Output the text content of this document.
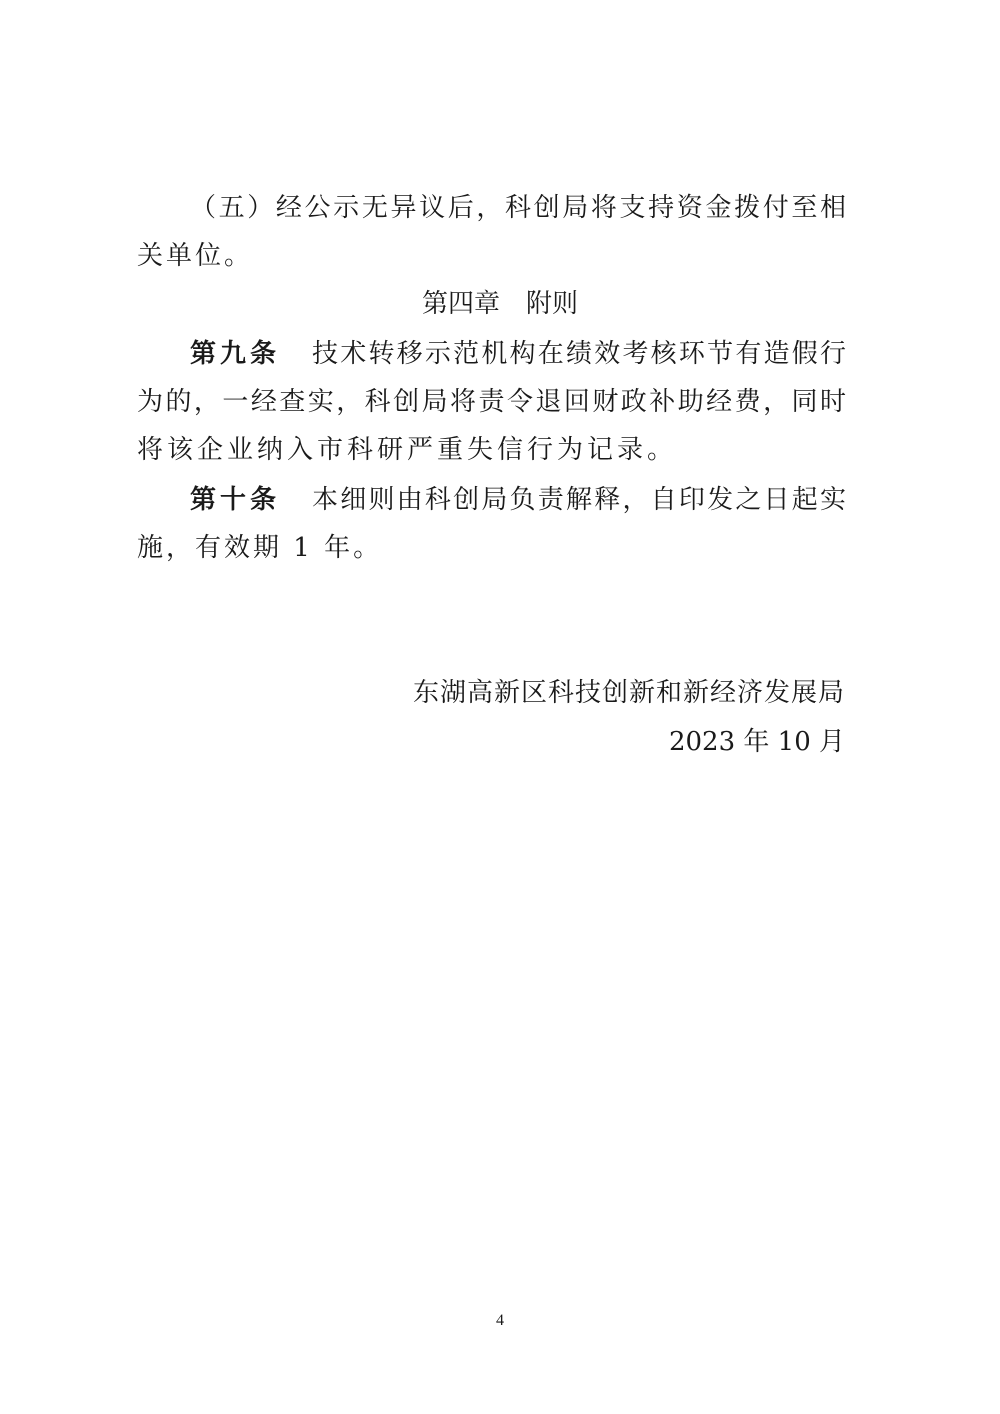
（五）经公示无异议后，科创局将支持资金拨付至相
关单位。
第四章　附则
第九条 技术转移示范机构在绩效考核环节有造假行
为的，一经查实，科创局将责令退回财政补助经费，同时
将该企业纳入市科研严重失信行为记录。
第十条 本细则由科创局负责解释，自印发之日起实
施，有效期 1 年。
东湖高新区科技创新和新经济发展局
2023 年 10 月
4
